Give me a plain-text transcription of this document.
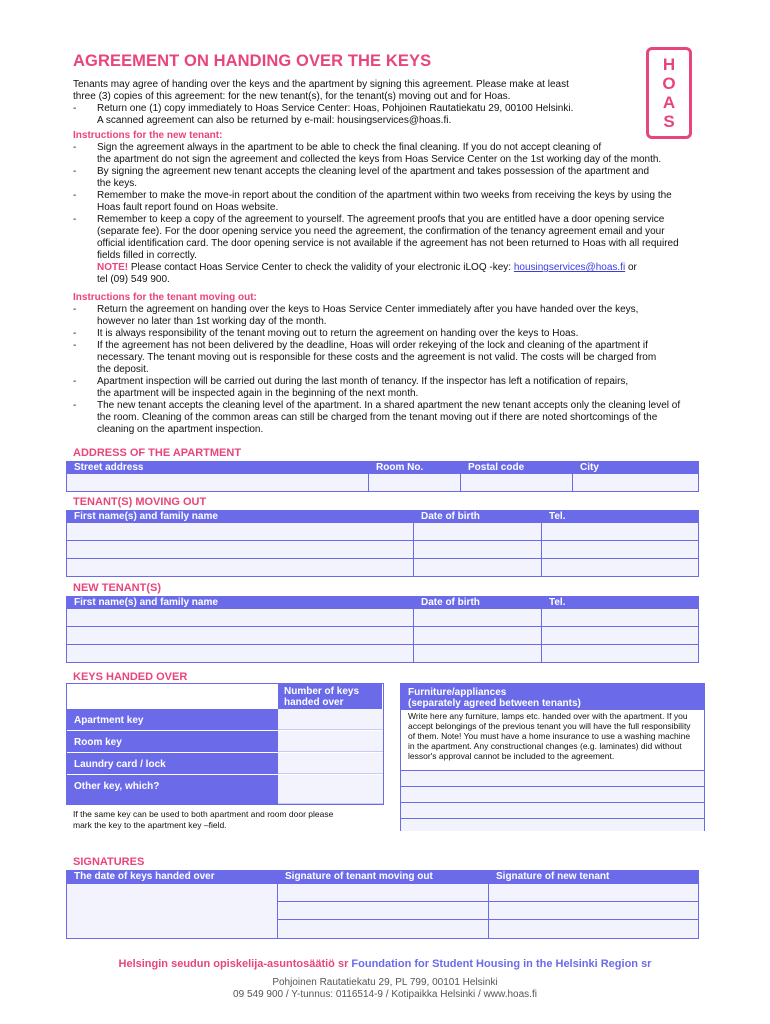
AGREEMENT ON HANDING OVER THE KEYS	H
O
A
S
Tenants may agree of handing over the keys and the apartment by signing this agreement. Please make at least
three (3) copies of this agreement: for the new tenant(s), for the tenant(s) moving out and for Hoas.
- Return one (1) copy immediately to Hoas Service Center: Hoas, Pohjoinen Rautatiekatu 29, 00100 Helsinki.
A scanned agreement can also be returned by e-mail: housingservices@hoas.fi.
Instructions for the new tenant:
- Sign the agreement always in the apartment to be able to check the final cleaning. If you do not accept cleaning of
the apartment do not sign the agreement and collected the keys from Hoas Service Center on the 1st working day of the month.
- By signing the agreement new tenant accepts the cleaning level of the apartment and takes possession of the apartment and
the keys.
- Remember to make the move-in report about the condition of the apartment within two weeks from receiving the keys by using the
Hoas fault report found on Hoas website.
- Remember to keep a copy of the agreement to yourself. The agreement proofs that you are entitled have a door opening service
(separate fee). For the door opening service you need the agreement, the confirmation of the tenancy agreement email and your
official identification card. The door opening service is not available if the agreement has not been returned to Hoas with all required
fields filled in correctly.
NOTE! Please contact Hoas Service Center to check the validity of your electronic iLOQ -key: housingservices@hoas.fi or
tel (09) 549 900.
Instructions for the tenant moving out:
- Return the agreement on handing over the keys to Hoas Service Center immediately after you have handed over the keys,
however no later than 1st working day of the month.
- It is always responsibility of the tenant moving out to return the agreement on handing over the keys to Hoas.
- If the agreement has not been delivered by the deadline, Hoas will order rekeying of the lock and cleaning of the apartment if
necessary. The tenant moving out is responsible for these costs and the agreement is not valid. The costs will be charged from
the deposit.
- Apartment inspection will be carried out during the last month of tenancy. If the inspector has left a notification of repairs,
the apartment will be inspected again in the beginning of the next month.
- The new tenant accepts the cleaning level of the apartment. In a shared apartment the new tenant accepts only the cleaning level of
the room. Cleaning of the common areas can still be charged from the tenant moving out if there are noted shortcomings of the
cleaning on the apartment inspection.
ADDRESS OF THE APARTMENT
Street address	Room No.	Postal code	City

TENANT(S) MOVING OUT
First name(s) and family name	Date of birth	Tel.

NEW TENANT(S)
First name(s) and family name	Date of birth	Tel.

KEYS HANDED OVER
Number of keys handed over
Apartment key
Room key
Laundry card / lock
Other key, which?
If the same key can be used to both apartment and room door please
mark the key to the apartment key –field.
Furniture/appliances
(separately agreed between tenants)
Write here any furniture, lamps etc. handed over with the apartment. If you accept belongings of the previous tenant you will have the full responsibility of them. Note! You must have a home insurance to use a washing machine in the apartment. Any constructional changes (e.g. laminates) did without lessor's approval cannot be included to the agreement.
SIGNATURES
The date of keys handed over	Signature of tenant moving out	Signature of new tenant
Helsingin seudun opiskelija-asuntosäätiö sr Foundation for Student Housing in the Helsinki Region sr
Pohjoinen Rautatiekatu 29, PL 799, 00101 Helsinki
09 549 900 / Y-tunnus: 0116514-9 / Kotipaikka Helsinki / www.hoas.fi
